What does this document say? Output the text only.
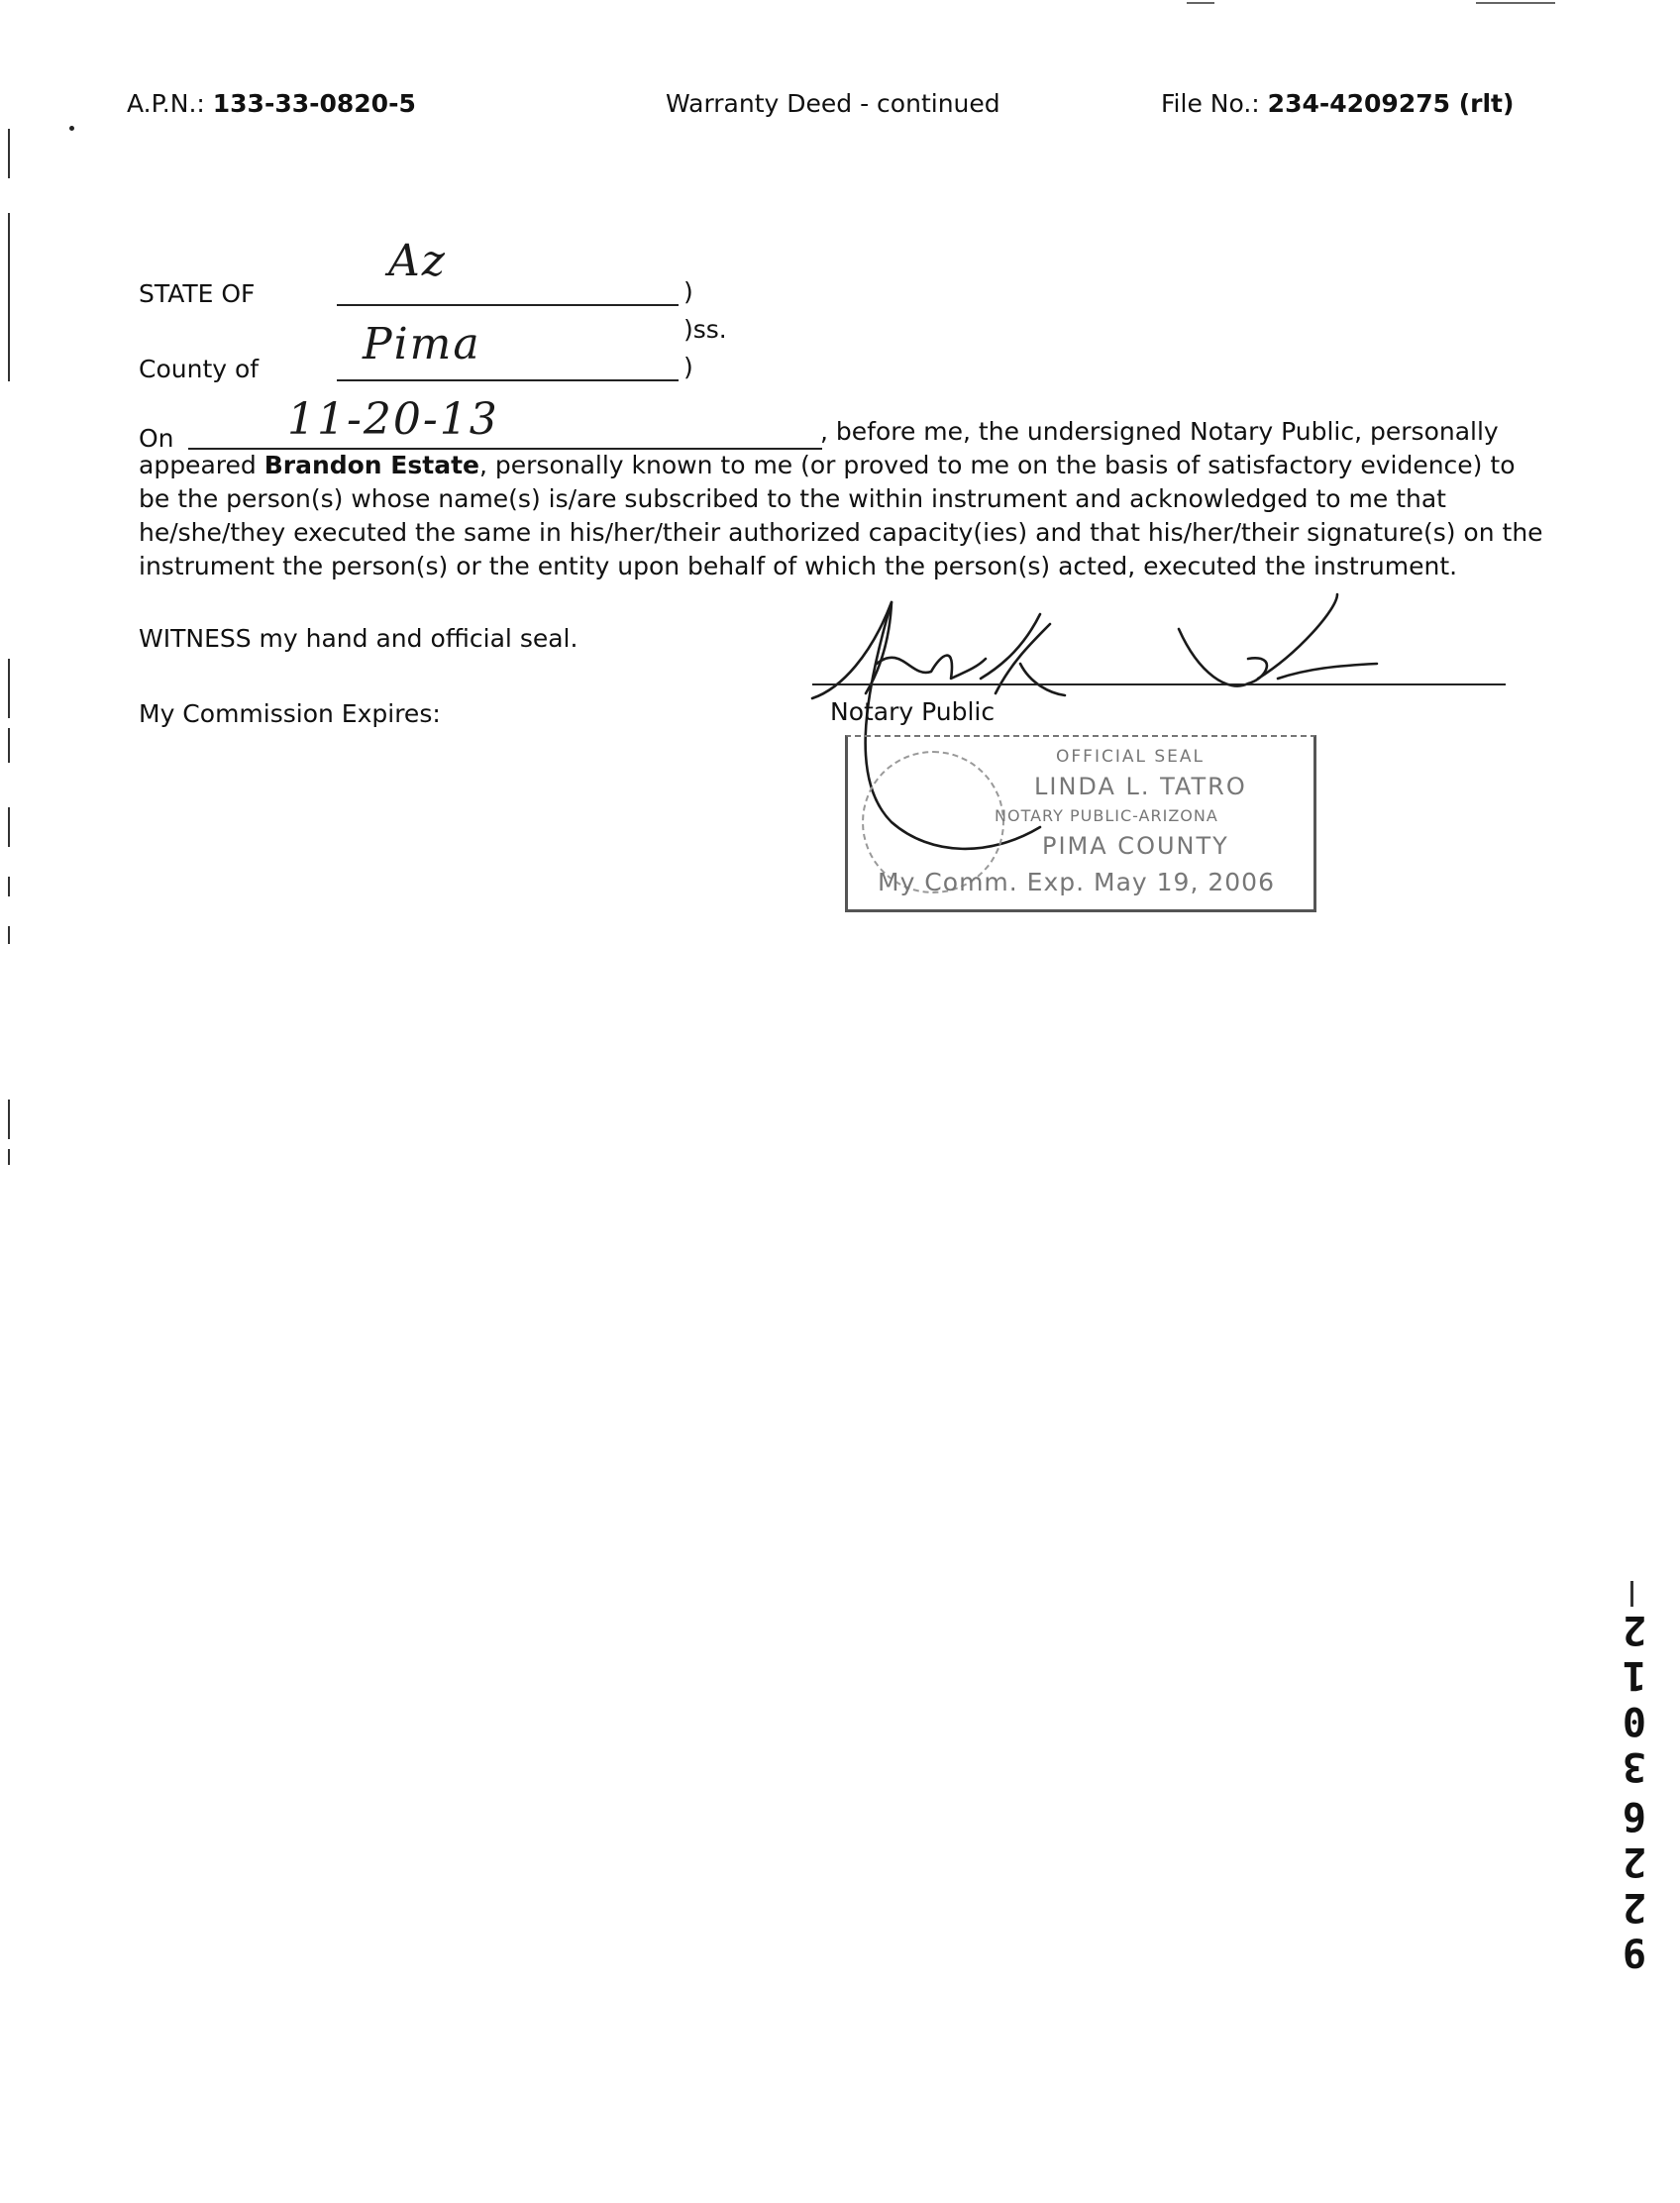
A.P.N.: 133-33-0820-5	Warranty Deed - continued	File No.: 234-4209275 (rlt)
STATE OF
Az
)
)ss.
County of Pima	)
On	11-20-13	, before me, the undersigned Notary Public, personally
appeared Brandon Estate, personally known to me (or proved to me on the basis of satisfactory evidence) to
be the person(s) whose name(s) is/are subscribed to the within instrument and acknowledged to me that
he/she/they executed the same in his/her/their authorized capacity(ies) and that his/her/their signature(s) on the
instrument the person(s) or the entity upon behalf of which the person(s) acted, executed the instrument.
WITNESS my hand and official seal.
My Commission Expires:	Notary Public
OFFICIAL SEAL
LINDA L. TATRO
NOTARY PUBLIC-ARIZONA
PIMA COUNTY
My Comm. Exp. May 19, 2006
3
0
1
2
9
2
2
6
